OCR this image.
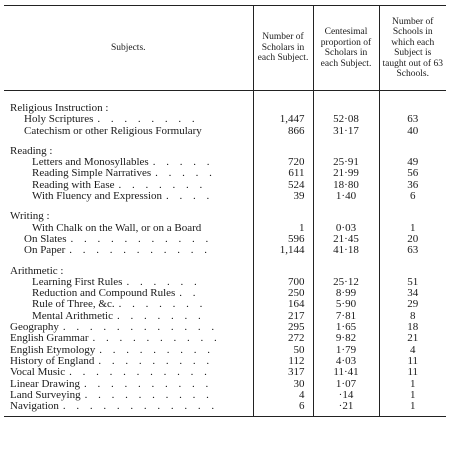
Subjects.	Number of Scholars in each Subject.	Centesimal proportion of Scholars in each Subject.	Number of Schools in which each Subject is taught out of 63 Schools.

Religious Instruction :			
Holy Scriptures . . . . . . . .	1,447	52·08	63
Catechism or other Religious Formulary	866	31·17	40

Reading :			
Letters and Monosyllables . . . . .	720	25·91	49
Reading Simple Narratives . . . . .	611	21·99	56
Reading with Ease . . . . . . .	524	18·80	36
With Fluency and Expression . . . .	39	1·40	6

Writing :			
With Chalk on the Wall, or on a Board	1	0·03	1
On Slates . . . . . . . . . . .	596	21·45	20
On Paper . . . . . . . . . . .	1,144	41·18	63

Arithmetic :			
Learning First Rules . . . . . .	700	25·12	51
Reduction and Compound Rules . .	250	8·99	34
Rule of Three, &c. . . . . . . .	164	5·90	29
Mental Arithmetic . . . . . . .	217	7·81	8
Geography . . . . . . . . . . . .	295	1·65	18
English Grammar . . . . . . . . . .	272	9·82	21
English Etymology . . . . . . . . .	50	1·79	4
History of England . . . . . . . . .	112	4·03	11
Vocal Music . . . . . . . . . . .	317	11·41	11
Linear Drawing . . . . . . . . . .	30	1·07	1
Land Surveying . . . . . . . . . .	4	·14	1
Navigation . . . . . . . . . . . .	6	·21	1
